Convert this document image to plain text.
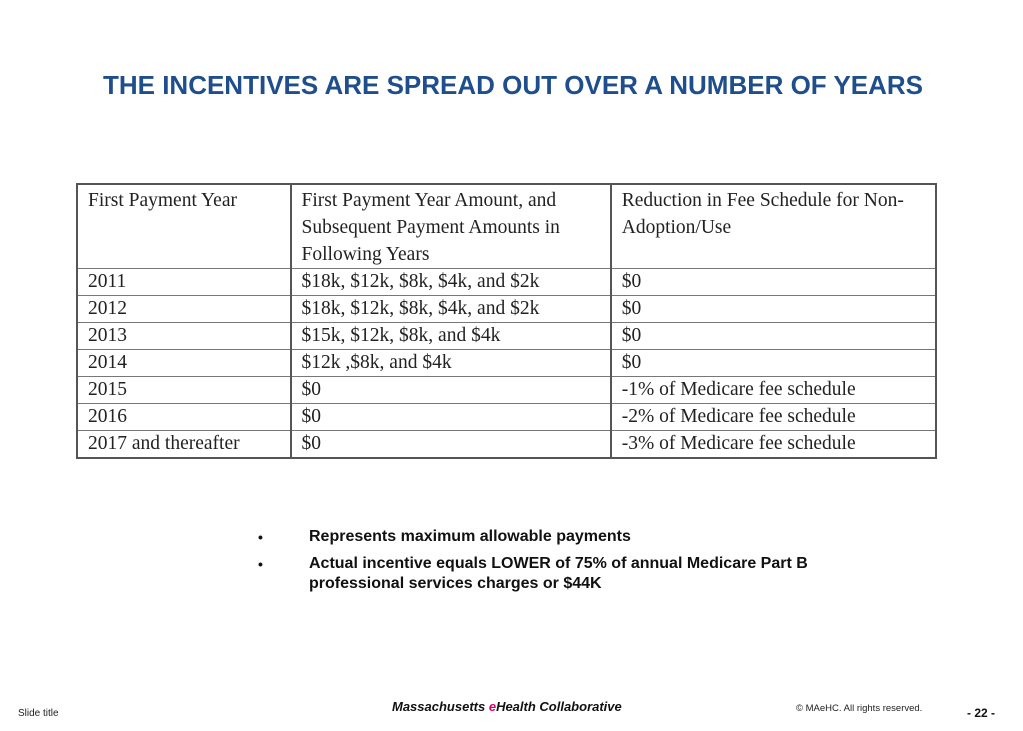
THE INCENTIVES ARE SPREAD OUT OVER A NUMBER OF YEARS
First Payment Year	First Payment Year Amount, and Subsequent Payment Amounts in Following Years	Reduction in Fee Schedule for Non-Adoption/Use
2011	$18k, $12k, $8k, $4k, and $2k	$0
2012	$18k, $12k, $8k, $4k, and $2k	$0
2013	$15k, $12k, $8k, and $4k	$0
2014	$12k ,$8k, and $4k	$0
2015	$0	-1% of Medicare fee schedule
2016	$0	-2% of Medicare fee schedule
2017 and thereafter	$0	-3% of Medicare fee schedule
•	Represents maximum allowable payments
•	Actual incentive equals LOWER of 75% of annual Medicare Part B professional services charges or $44K
Slide title	Massachusetts eHealth Collaborative	© MAeHC. All rights reserved.	- 22 -
